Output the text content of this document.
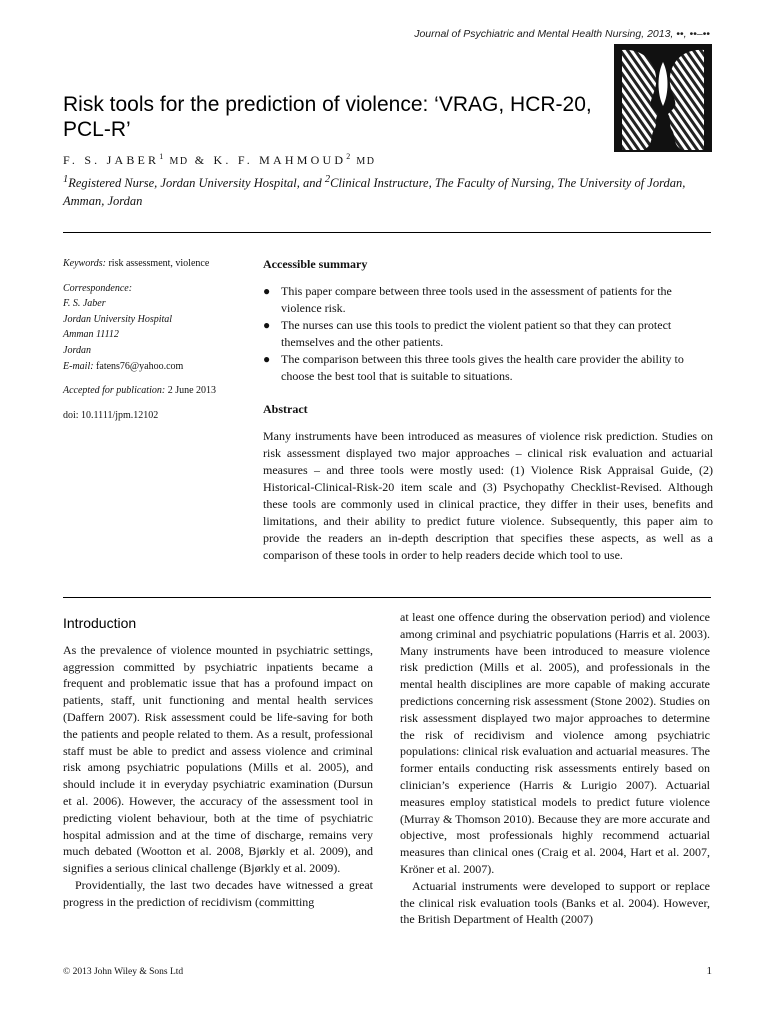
Journal of Psychiatric and Mental Health Nursing, 2013, ••, ••–••
Risk tools for the prediction of violence: ‘VRAG, HCR-20, PCL-R’
F. S. JABER$^1$ MD & K. F. MAHMOUD$^2$ MD
$^1$Registered Nurse, Jordan University Hospital, and $^2$Clinical Instructure, The Faculty of Nursing, The University of Jordan, Amman, Jordan

Keywords: risk assessment, violence

Correspondence:

F. S. Jaber

Jordan University Hospital

Amman 11112

Jordan

E-mail: fatens76@yahoo.com

Accepted for publication: 2 June 2013

doi: 10.1111/jpm.12102

Accessible summary
● This paper compare between three tools used in the assessment of patients for the violence risk.
● The nurses can use this tools to predict the violent patient so that they can protect themselves and the other patients.
● The comparison between this three tools gives the health care provider the ability to choose the best tool that is suitable to situations.
Abstract

Many instruments have been introduced as measures of violence risk prediction. Studies on risk assessment displayed two major approaches – clinical risk evaluation and actuarial measures – and three tools were mostly used: (1) Violence Risk Appraisal Guide, (2) Historical-Clinical-Risk-20 item scale and (3) Psychopathy Checklist-Revised. Although these tools are commonly used in clinical practice, they differ in their uses, benefits and limitations, and their ability to predict future violence. Subsequently, this paper aim to provide the readers an in-depth description that specifies these aspects, as well as a comparison of these tools in order to help readers decide which tool to use.

Introduction

As the prevalence of violence mounted in psychiatric settings, aggression committed by psychiatric inpatients became a frequent and problematic issue that has a profound impact on patients, staff, unit functioning and mental health services (Daffern 2007). Risk assessment could be life-saving for both the patients and people related to them. As a result, professional staff must be able to predict and assess violence and criminal risk among psychiatric populations (Mills et al. 2005), and should include it in everyday psychiatric examination (Dursun et al. 2006). However, the accuracy of the assessment tool in predicting violent behaviour, both at the time of psychiatric hospital admission and at the time of discharge, remains very much debated (Wootton et al. 2008, Bjørkly et al. 2009), and signifies a serious clinical challenge (Bjørkly et al. 2009).

Providentially, the last two decades have witnessed a great progress in the prediction of recidivism (committing

at least one offence during the observation period) and violence among criminal and psychiatric populations (Harris et al. 2003). Many instruments have been introduced to measure violence risk prediction (Mills et al. 2005), and professionals in the mental health disciplines are more capable of making accurate predictions concerning risk assessment (Stone 2002). Studies on risk assessment displayed two major approaches to determine the risk of recidivism and violence among psychiatric populations: clinical risk evaluation and actuarial measures. The former entails conducting risk assessments entirely based on clinician’s experience (Harris & Lurigio 2007). Actuarial measures employ statistical models to predict future violence (Murray & Thomson 2010). Because they are more accurate and objective, most professionals highly recommend actuarial measures than clinical ones (Craig et al. 2004, Hart et al. 2007, Kröner et al. 2007).

Actuarial instruments were developed to support or replace the clinical risk evaluation tools (Banks et al. 2004). However, the British Department of Health (2007)

© 2013 John Wiley & Sons Ltd	1
